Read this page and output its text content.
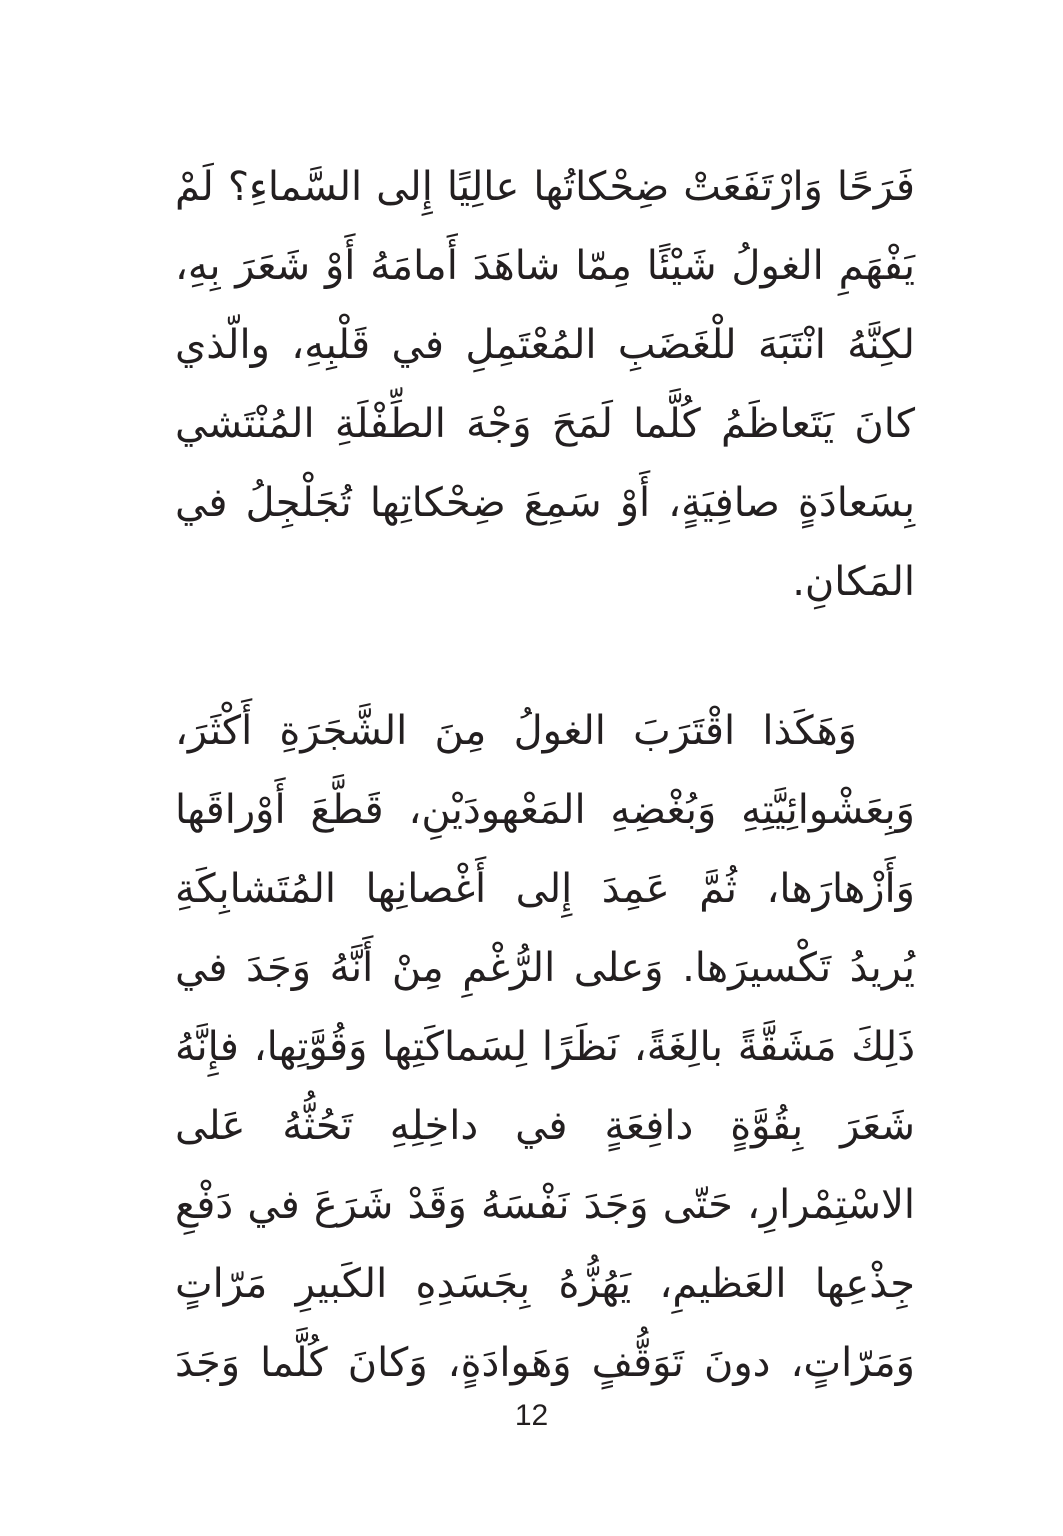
فَرَحًا وَارْتَفَعَتْ ضِحْكاتُها عالِيًا إِلى السَّماءِ؟ لَمْ
يَفْهَمِ الغولُ شَيْئًا مِمّا شاهَدَ أَمامَهُ أَوْ شَعَرَ بِهِ،
لكِنَّهُ انْتَبَهَ للْغَضَبِ المُعْتَمِلِ في قَلْبِهِ، والّذي
كانَ يَتَعاظَمُ كُلَّما لَمَحَ وَجْهَ الطِّفْلَةِ المُنْتَشي
بِسَعادَةٍ صافِيَةٍ، أَوْ سَمِعَ ضِحْكاتِها تُجَلْجِلُ في
المَكانِ.
وَهَكَذا اقْتَرَبَ الغولُ مِنَ الشَّجَرَةِ أَكْثَرَ،
وَبِعَشْوائِيَّتِهِ وَبُغْضِهِ المَعْهودَيْنِ، قَطَّعَ أَوْراقَها
وَأَزْهارَها، ثُمَّ عَمِدَ إِلى أَغْصانِها المُتَشابِكَةِ
يُريدُ تَكْسيرَها. وَعلى الرُّغْمِ مِنْ أَنَّهُ وَجَدَ في
ذَلِكَ مَشَقَّةً بالِغَةً، نَظَرًا لِسَماكَتِها وَقُوَّتِها، فإِنَّهُ
شَعَرَ بِقُوَّةٍ دافِعَةٍ في داخِلِهِ تَحُثُّهُ عَلى
الاسْتِمْرارِ، حَتّى وَجَدَ نَفْسَهُ وَقَدْ شَرَعَ في دَفْعِ
جِذْعِها العَظيمِ، يَهُزُّهُ بِجَسَدِهِ الكَبيرِ مَرّاتٍ
وَمَرّاتٍ، دونَ تَوَقُّفٍ وَهَوادَةٍ، وَكانَ كُلَّما وَجَدَ
12
